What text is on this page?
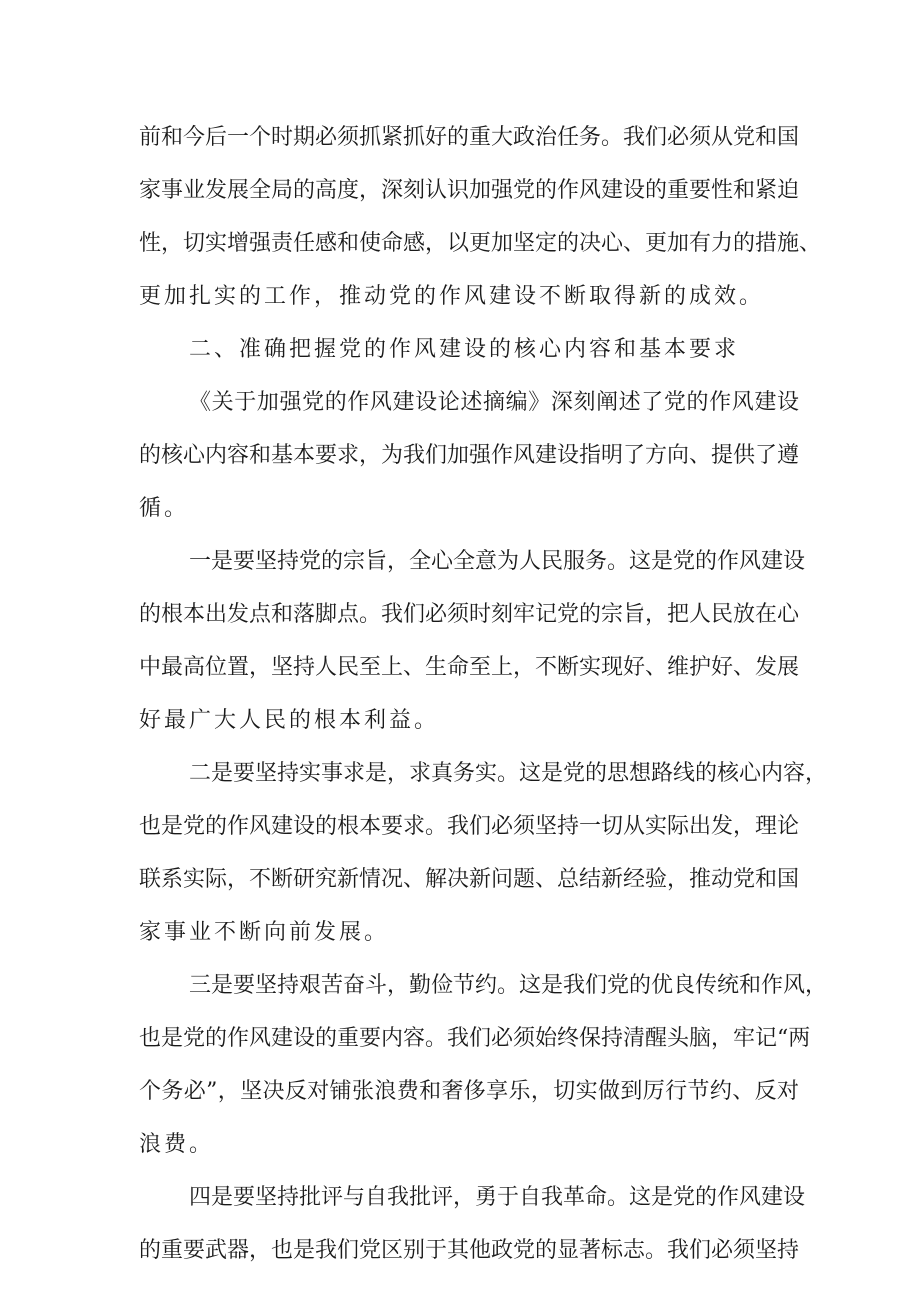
前和今后一个时期必须抓紧抓好的重大政治任务。我们必须从党和国
家事业发展全局的高度，深刻认识加强党的作风建设的重要性和紧迫
性，切实增强责任感和使命感，以更加坚定的决心、更加有力的措施、
更加扎实的工作，推动党的作风建设不断取得新的成效。
二、准确把握党的作风建设的核心内容和基本要求
《关于加强党的作风建设论述摘编》深刻阐述了党的作风建设
的核心内容和基本要求，为我们加强作风建设指明了方向、提供了遵
循。
一是要坚持党的宗旨，全心全意为人民服务。这是党的作风建设
的根本出发点和落脚点。我们必须时刻牢记党的宗旨，把人民放在心
中最高位置，坚持人民至上、生命至上，不断实现好、维护好、发展
好最广大人民的根本利益。
二是要坚持实事求是，求真务实。这是党的思想路线的核心内容，
也是党的作风建设的根本要求。我们必须坚持一切从实际出发，理论
联系实际，不断研究新情况、解决新问题、总结新经验，推动党和国
家事业不断向前发展。
三是要坚持艰苦奋斗，勤俭节约。这是我们党的优良传统和作风，
也是党的作风建设的重要内容。我们必须始终保持清醒头脑，牢记“两
个务必”，坚决反对铺张浪费和奢侈享乐，切实做到厉行节约、反对
浪费。
四是要坚持批评与自我批评，勇于自我革命。这是党的作风建设
的重要武器，也是我们党区别于其他政党的显著标志。我们必须坚持
